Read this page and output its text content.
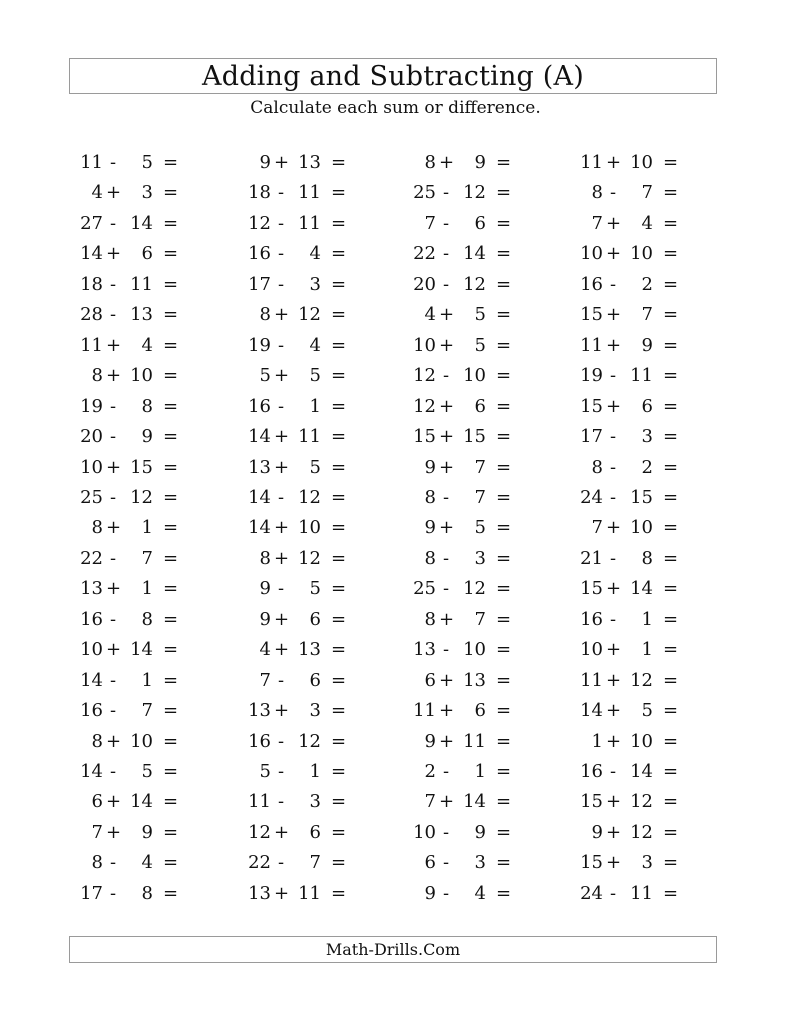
Adding and Subtracting (A)
Calculate each sum or difference.
11 -	5 =
4 +	3 =
27 - 14 =
14 +	6 =
18 - 11 =
28 - 13 =
11 +	4 =
8 + 10 =
19 -	8 =
20 -	9 =
10 + 15 =
25 - 12 =
8 +	1 =
22 -	7 =
13 +	1 =
16 -	8 =
10 + 14 =
14 -	1 =
16 -	7 =
8 + 10 =
14 -	5 =
6 + 14 =
7 +	9 =
8 -	4 =
17 -	8 =
9 + 13 =
18 - 11 =
12 - 11 =
16 -	4 =
17 -	3 =
8 + 12 =
19 -	4 =
5 +	5 =
16 -	1 =
14 + 11 =
13 +	5 =
14 - 12 =
14 + 10 =
8 + 12 =
9 -	5 =
9 +	6 =
4 + 13 =
7 -	6 =
13 +	3 =
16 - 12 =
5 -	1 =
11 -	3 =
12 +	6 =
22 -	7 =
13 + 11 =
8 +	9 =
25 - 12 =
7 -	6 =
22 - 14 =
20 - 12 =
4 +	5 =
10 +	5 =
12 - 10 =
12 +	6 =
15 + 15 =
9 +	7 =
8 -	7 =
9 +	5 =
8 -	3 =
25 - 12 =
8 +	7 =
13 - 10 =
6 + 13 =
11 +	6 =
9 + 11 =
2 -	1 =
7 + 14 =
10 -	9 =
6 -	3 =
9 -	4 =
11 + 10 =
8 -	7 =
7 +	4 =
10 + 10 =
16 -	2 =
15 +	7 =
11 +	9 =
19 - 11 =
15 +	6 =
17 -	3 =
8 -	2 =
24 - 15 =
7 + 10 =
21 -	8 =
15 + 14 =
16 -	1 =
10 +	1 =
11 + 12 =
14 +	5 =
1 + 10 =
16 - 14 =
15 + 12 =
9 + 12 =
15 +	3 =
24 - 11 =
Math-Drills.Com
